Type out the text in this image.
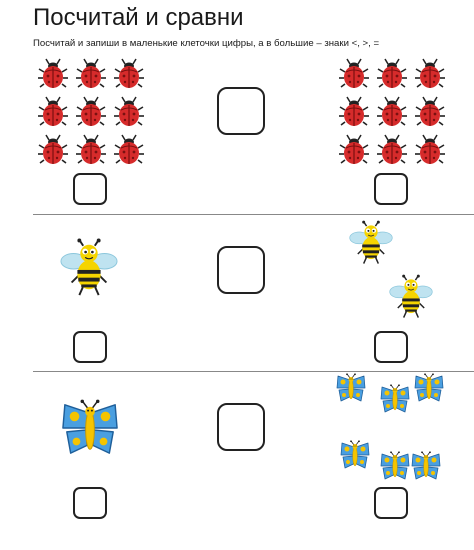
Посчитай и сравни

Посчитай и запиши в маленькие клеточки цифры, а в большие – знаки <, >, =
